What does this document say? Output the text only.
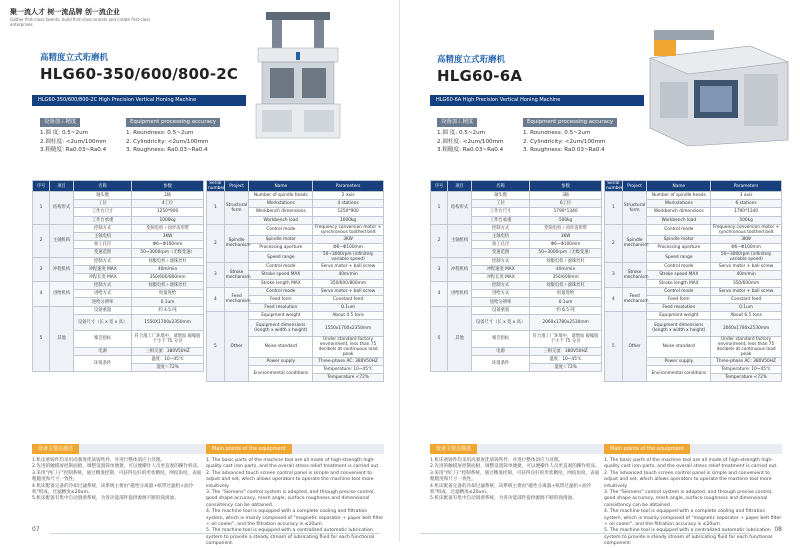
聚一流人才 树一流品牌 创一流企业
Gather first-class talents, build first-class brands and create first-class enterprises
高精度立式珩磨机
HLG60-350/600/800-2C
HLG60-350/600/800-2C High Precision Vertical Honing Machine
设备加工精度	Equipment processing accuracy
1.圆 度: 0.5~2um
2.圆柱度: <2um/100mm
3.粗糙度: Ra0.03~Ra0.4
1. Roundness: 0.5~2um
2. Cylindricity: <2um/100mm
3. Roughness: Ra0.03~Ra0.4
序号	项目	名称	参数
1	结构形式	轴头数	2轴
		工位	4工位
		工作台尺寸	1250*900
		工作台承重	1000kg
2	主轴机构	控制方式	变频电机＋同步齿形带
		主轴电机	3KW
		加工孔径	Φ6~Φ100mm
		变速范围	50~3000rpm（无级变速）
3	冲程机构	控制方式	伺服电机＋滚珠丝杠
		冲程速度 MAX	40m/min
		冲程长度 MAX	350/600/800mm
4	进给机构	控制方式	伺服电机＋滚珠丝杠
		进给方式	恒量进给
		进给分辨率	0.1um
5	其他	设备重量	约 4.5 吨
		设备尺寸（长 x 宽 x 高）	1550X1700x2350mm
		噪音指标	符合准工厂环境中，请增加 载噪值于小于 75 分贝
		电源	三相交流：380V50HZ
		环境条件	温度：10~45℃
			湿度＜72%
Serial number	Project	Name	Parameters
1	Structural form	Number of spindle heads	2 axis
		Workstations	4 stations
		Workbench dimensions	1250*900
		Workbench load	1000kg
2	Spindle mechanism	Control mode	Frequency conversion motor + synchronous toothed belt
		Spindle motor	3KW
		Processing aperture	Φ6~Φ100mm
		Speed range	50~3000rpm (infinitely variable speed)
3	Stroke mechanism	Control mode	Servo motor + ball screw
		Stroke speed MAX	40m/min
		Stroke length MAX	350/600/800mm
4	Feed mechanism	Control mode	Servo motor + ball screw
		Feed form	Constant feed
		Feed resolution	0.1um
5	Other	Equipment weight	About 4.5 tons
		Equipment dimensions (length x width x height)	1550x1700x2350mm
		Noise standard	Under standard factory environment, less than 75 decibels at continuous load peak
		Power supply	Three-phase AC: 380V50HZ
		Environmental conditions	Temperature: 10~45℃
			Temperature <72%
设备主要点描述	Main points of the equipment

1.机床重铸件均采用高强度优质铸铁件，并进行整体消应力处理。

2.先进的触摸屏控制面板，调整设置简单便捷，可以便操作人员更直观的操作机床。

3.采用"西门子"控制系统，通过精准控制，可获得良好的形状精度，网纹角度，表面粗糙度和尺寸一致性。

4.机床配备完备的冷却过滤系统，该系统主要由"磁性分离器+纸带过滤机+油冷机"组成，过滤精度≤20um。

5.机床配备有集中自动润滑系统，为各功能部件提供源源不断的润滑油。

1. The basic parts of the machine tool are all made of high-strength high-quality cast iron parts, and the overall stress relief treatment is carried out.

2. The advanced touch screen control panel is simple and convenient to adjust and set, which allows operators to operate the machine tool more intuitively.

3. The "Siemens" control system is adopted, and through precise control, good shape accuracy, mesh angle, surface roughness and dimensional consistency can be obtained.

4. The machine tool is equipped with a complete cooling and filtration system, which is mainly composed of "magnetic separator + paper belt filter + oil cooler", and the filtration accuracy is ≤20um.

5. The machine tool is equipped with a centralized automatic lubrication system to provide a steady stream of lubricating fluid for each functional component.

07
高精度立式珩磨机
HLG60-6A
HLG60-6A High Precision Vertical Honing Machine
设备加工精度	Equipment processing accuracy
1.圆 度: 0.5~2um
2.圆柱度: <2um/100mm
3.粗糙度: Ra0.03~Ra0.4
1. Roundness: 0.5~2um
2. Cylindricity: <2um/100mm
3. Roughness: Ra0.03~Ra0.4
序号	项目	名称	参数
1	结构形式	轴头数	3轴
		工位	6工位
		工作台尺寸	1790*1340
		工作台承重	500kg
2	主轴机构	控制方式	变频电机＋同步齿形带
		主轴电机	3KW
		加工孔径	Φ6~Φ100mm
		变速范围	50~3000rpm（无级变速）
3	冲程机构	控制方式	伺服电机＋滚珠丝杠
		冲程速度 MAX	40m/min
		冲程长度 MAX	350/600mm
4	进给机构	控制方式	伺服电机＋滚珠丝杠
		进给方式	恒量进给
		进给分辨率	0.1um
5	其他	设备重量	约 6.5 吨
		设备尺寸（长 x 宽 x 高）	2060x1780x2530mm
		噪音指标	符合准工厂环境中，请增加 载噪值于小于 75 分贝
		电源	三相交流：380V50HZ
		环境条件	温度：10~45℃
			湿度＜72%
Serial number	Project	Name	Parameters
1	Structural form	Number of spindle heads	3 axis
		Workstations	6 stations
		Workbench dimensions	1790*1340
		Workbench load	500kg
2	Spindle mechanism	Control mode	Frequency conversion motor + synchronous toothed belt
		Spindle motor	3KW
		Processing aperture	Φ6~Φ100mm
		Speed range	50~3000rpm (infinitely variable speed)
3	Stroke mechanism	Control mode	Servo motor + ball screw
		Stroke speed MAX	40m/min
		Stroke length MAX	350/600mm
4	Feed mechanism	Control mode	Servo motor + ball screw
		Feed form	Constant feed
		Feed resolution	0.1um
5	Other	Equipment weight	About 6.5 tons
		Equipment dimensions (length x width x height)	2060x1780x2530mm
		Noise standard	Under standard factory environment, less than 75 decibels at continuous load peak
		Power supply	Three-phase AC: 380V50HZ
		Environmental conditions	Temperature: 10~45℃
			Temperature <72%
设备主要点描述	Main points of the equipment

1.机床重铸件均采用高强度优质铸铁件，并进行整体消应力处理。

2.先进的触摸屏控制面板，调整设置简单便捷，可以便操作人员更直观的操作机床。

3.采用"西门子"控制系统，通过精准控制，可获得良好的形状精度，网纹角度，表面粗糙度和尺寸一致性。

4.机床配备完备的冷却过滤系统，该系统主要由"磁性分离器+纸带过滤机+油冷机"组成，过滤精度≤20um。

5.机床配备有集中自动润滑系统，为各功能部件提供源源不断的润滑油。

1. The basic parts of the machine tool are all made of high-strength high-quality cast iron parts, and the overall stress relief treatment is carried out.

2. The advanced touch screen control panel is simple and convenient to adjust and set, which allows operators to operate the machine tool more intuitively.

3. The "Siemens" control system is adopted, and through precise control, good shape accuracy, mesh angle, surface roughness and dimensional consistency can be obtained.

4. The machine tool is equipped with a complete cooling and filtration system, which is mainly composed of "magnetic separator + paper belt filter + oil cooler", and the filtration accuracy is ≤20um.

5. The machine tool is equipped with a centralized automatic lubrication system to provide a steady stream of lubricating fluid for each functional component.

08
